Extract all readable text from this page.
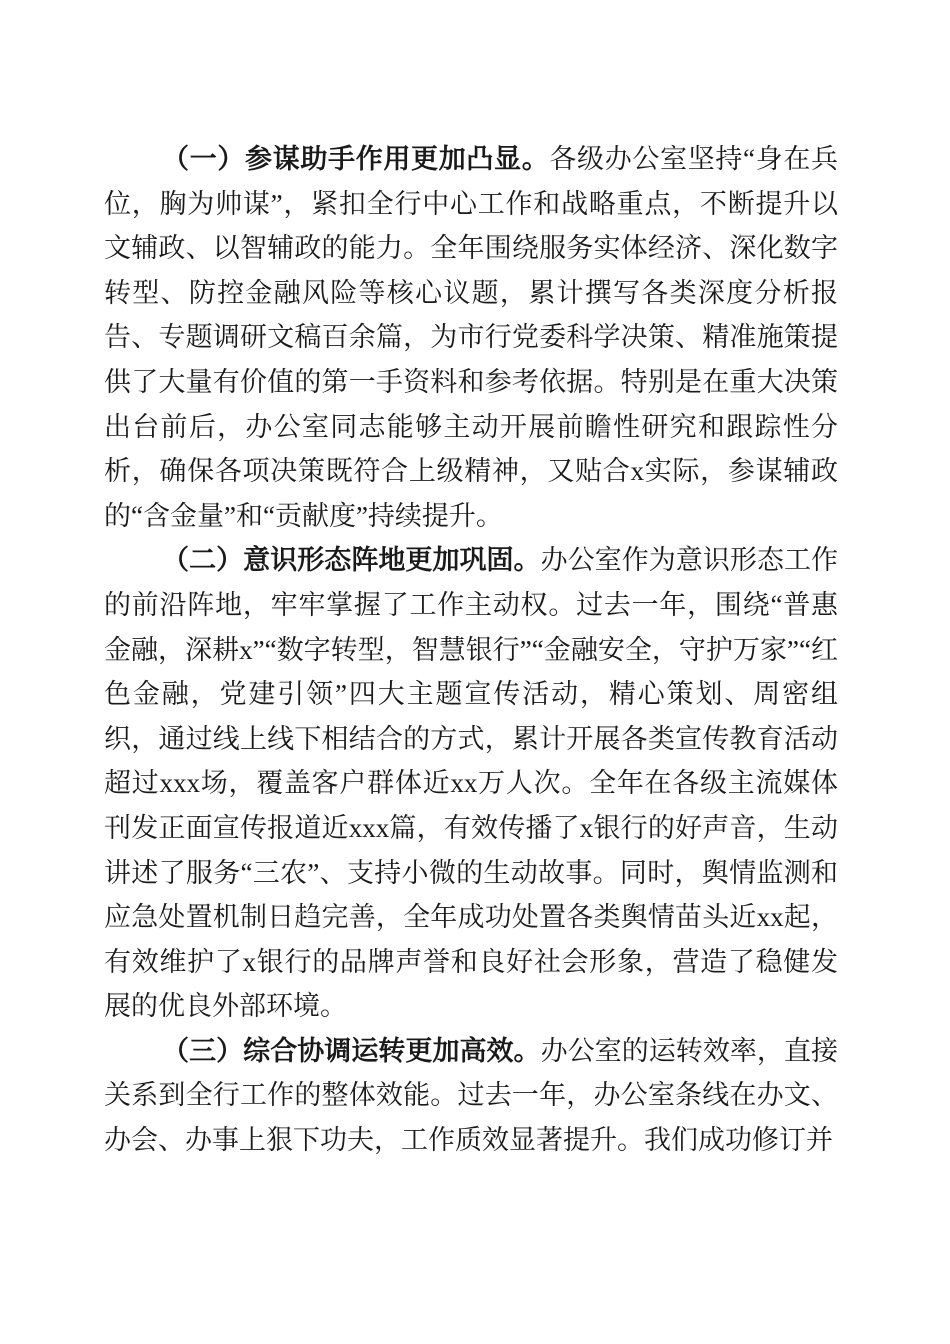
（一）参谋助手作用更加凸显。各级办公室坚持“身在兵位，胸为帅谋”，紧扣全行中心工作和战略重点，不断提升以文辅政、以智辅政的能力。全年围绕服务实体经济、深化数字转型、防控金融风险等核心议题，累计撰写各类深度分析报告、专题调研文稿百余篇，为市行党委科学决策、精准施策提供了大量有价值的第一手资料和参考依据。特别是在重大决策出台前后，办公室同志能够主动开展前瞻性研究和跟踪性分析，确保各项决策既符合上级精神，又贴合x实际，参谋辅政的“含金量”和“贡献度”持续提升。

（二）意识形态阵地更加巩固。办公室作为意识形态工作的前沿阵地，牢牢掌握了工作主动权。过去一年，围绕“普惠金融，深耕x”“数字转型，智慧银行”“金融安全，守护万家”“红色金融，党建引领”四大主题宣传活动，精心策划、周密组织，通过线上线下相结合的方式，累计开展各类宣传教育活动超过xxx场，覆盖客户群体近xx万人次。全年在各级主流媒体刊发正面宣传报道近xxx篇，有效传播了x银行的好声音，生动讲述了服务“三农”、支持小微的生动故事。同时，舆情监测和应急处置机制日趋完善，全年成功处置各类舆情苗头近xx起，有效维护了x银行的品牌声誉和良好社会形象，营造了稳健发展的优良外部环境。

（三）综合协调运转更加高效。办公室的运转效率，直接关系到全行工作的整体效能。过去一年，办公室条线在办文、办会、办事上狠下功夫，工作质效显著提升。我们成功修订并
